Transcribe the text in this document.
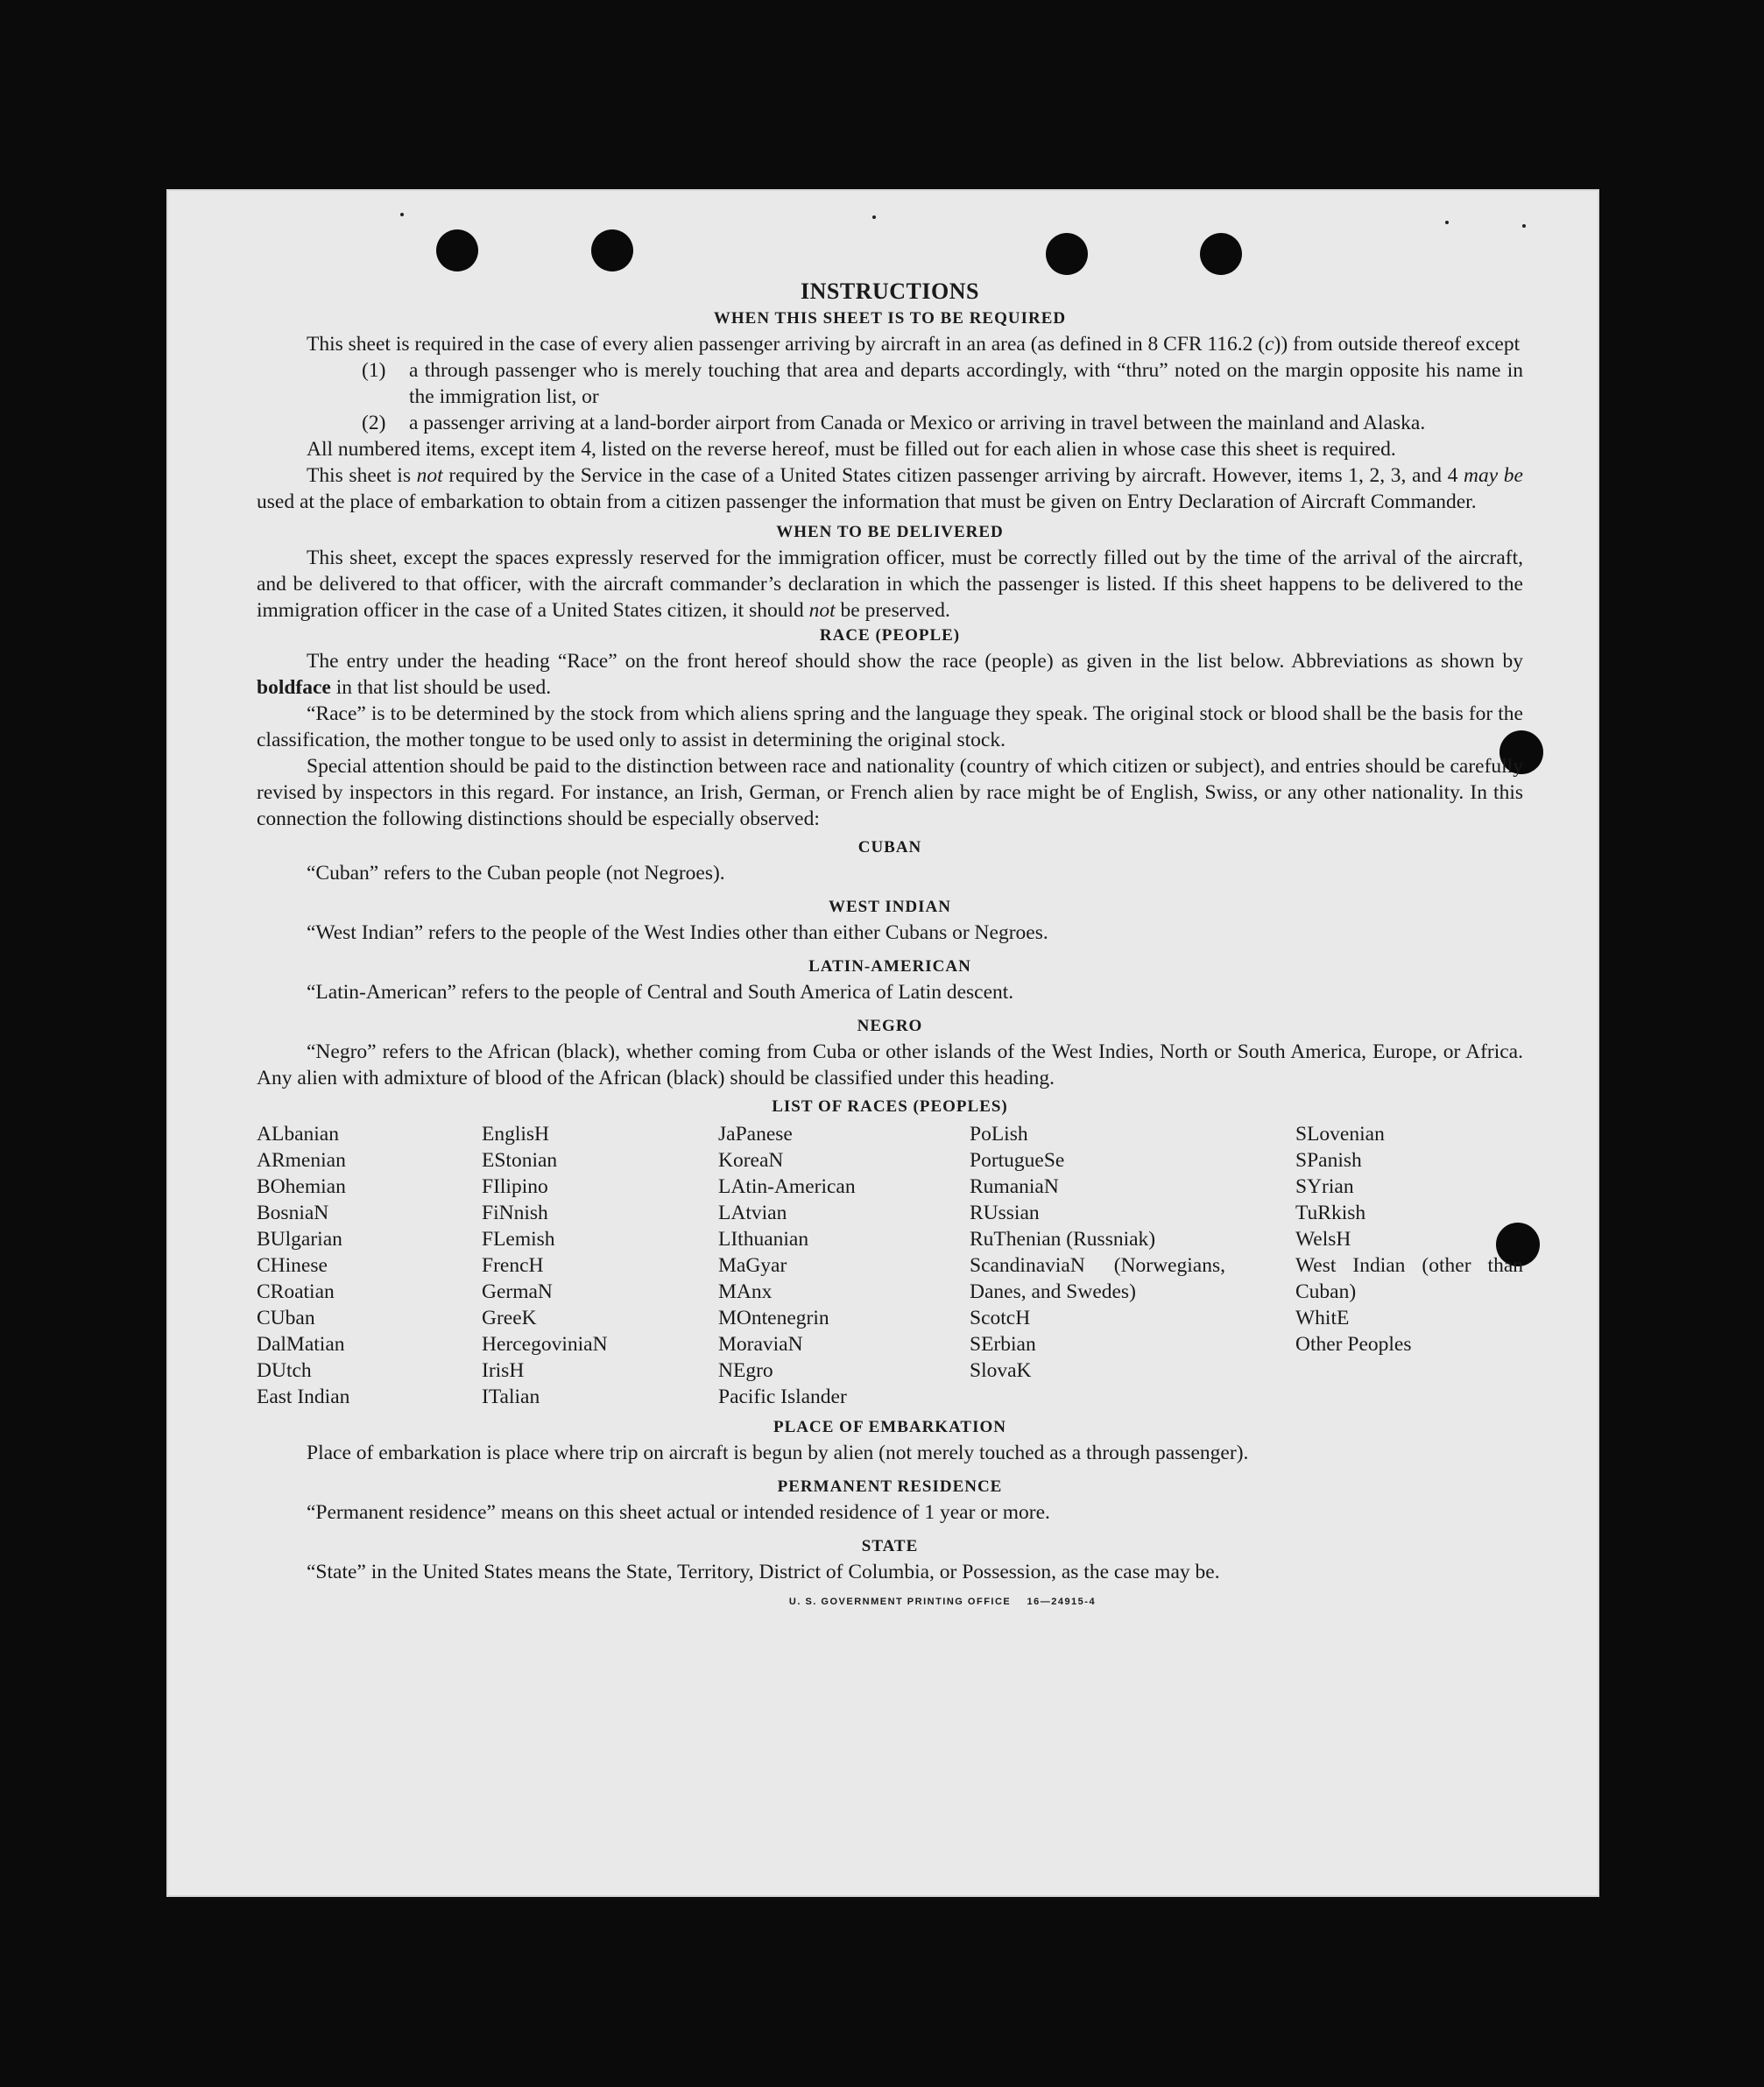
INSTRUCTIONS
WHEN THIS SHEET IS TO BE REQUIRED

This sheet is required in the case of every alien passenger arriving by aircraft in an area (as defined in 8 CFR 116.2 (c)) from outside thereof except

(1)	a through passenger who is merely touching that area and departs accordingly, with “thru” noted on the margin opposite his name in the immigration list, or
(2)	a passenger arriving at a land-border airport from Canada or Mexico or arriving in travel between the mainland and Alaska.

All numbered items, except item 4, listed on the reverse hereof, must be filled out for each alien in whose case this sheet is required.

This sheet is not required by the Service in the case of a United States citizen passenger arriving by aircraft. However, items 1, 2, 3, and 4 may be used at the place of embarkation to obtain from a citizen passenger the information that must be given on Entry Declaration of Aircraft Commander.

WHEN TO BE DELIVERED

This sheet, except the spaces expressly reserved for the immigration officer, must be correctly filled out by the time of the arrival of the aircraft, and be delivered to that officer, with the aircraft commander’s declaration in which the passenger is listed. If this sheet happens to be delivered to the immigration officer in the case of a United States citizen, it should not be preserved.

RACE (PEOPLE)

The entry under the heading “Race” on the front hereof should show the race (people) as given in the list below. Abbreviations as shown by boldface in that list should be used.

“Race” is to be determined by the stock from which aliens spring and the language they speak. The original stock or blood shall be the basis for the classification, the mother tongue to be used only to assist in determining the original stock.

Special attention should be paid to the distinction between race and nationality (country of which citizen or subject), and entries should be carefully revised by inspectors in this regard. For instance, an Irish, German, or French alien by race might be of English, Swiss, or any other nationality. In this connection the following distinctions should be especially observed:

CUBAN

“Cuban” refers to the Cuban people (not Negroes).

WEST INDIAN

“West Indian” refers to the people of the West Indies other than either Cubans or Negroes.

LATIN-AMERICAN

“Latin-American” refers to the people of Central and South America of Latin descent.

NEGRO

“Negro” refers to the African (black), whether coming from Cuba or other islands of the West Indies, North or South America, Europe, or Africa. Any alien with admixture of blood of the African (black) should be classified under this heading.

LIST OF RACES (PEOPLES)
ALbanian
ARmenian
BOhemian
BosniaN
BUlgarian
CHinese
CRoatian
CUban
DalMatian
DUtch
East Indian
EnglisH
EStonian
FIlipino
FiNnish
FLemish
FrencH
GermaN
GreeK
HercegoviniaN
IrisH
ITalian
JaPanese
KoreaN
LAtin-American
LAtvian
LIthuanian
MaGyar
MAnx
MOntenegrin
MoraviaN
NEgro
Pacific Islander
PoLish
PortugueSe
RumaniaN
RUssian
RuThenian (Russniak)
ScandinaviaN (Norwegians, Danes, and Swedes)
ScotcH
SErbian
SlovaK
SLovenian
SPanish
SYrian
TuRkish
WelsH
West Indian (other than Cuban)
WhitE
Other Peoples
PLACE OF EMBARKATION

Place of embarkation is place where trip on aircraft is begun by alien (not merely touched as a through passenger).

PERMANENT RESIDENCE

“Permanent residence” means on this sheet actual or intended residence of 1 year or more.

STATE

“State” in the United States means the State, Territory, District of Columbia, or Possession, as the case may be.

U. S. GOVERNMENT PRINTING OFFICE    16—24915-4
